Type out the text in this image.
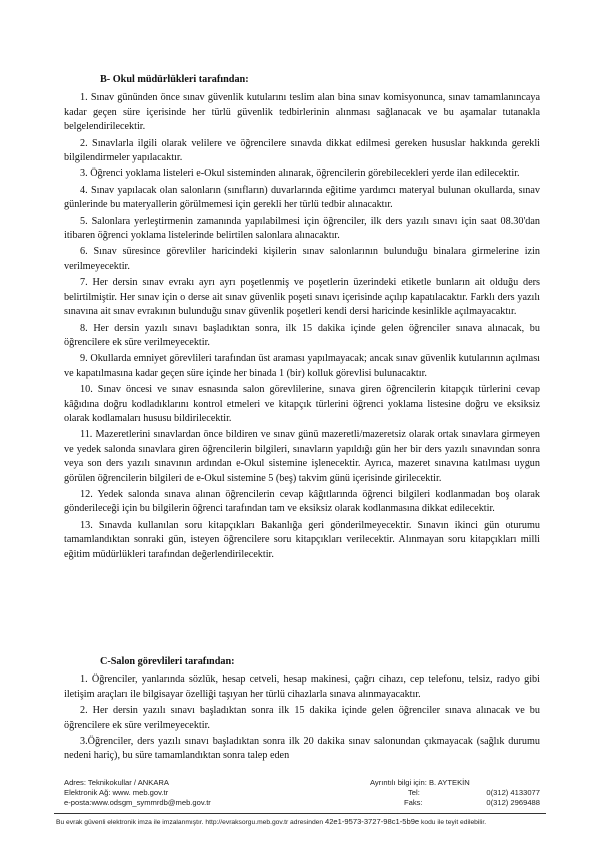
B- Okul müdürlükleri tarafından:

1. Sınav gününden önce sınav güvenlik kutularını teslim alan bina sınav komisyonunca, sınav tamamlanıncaya kadar geçen süre içerisinde her türlü güvenlik tedbirlerinin alınması sağlanacak ve bu aşamalar tutanakla belgelendirilecektir.

2. Sınavlarla ilgili olarak velilere ve öğrencilere sınavda dikkat edilmesi gereken hususlar hakkında gerekli bilgilendirmeler yapılacaktır.

3. Öğrenci yoklama listeleri e-Okul sisteminden alınarak, öğrencilerin görebilecekleri yerde ilan edilecektir.

4. Sınav yapılacak olan salonların (sınıfların) duvarlarında eğitime yardımcı materyal bulunan okullarda, sınav günlerinde bu materyallerin görülmemesi için gerekli her türlü tedbir alınacaktır.

5. Salonlara yerleştirmenin zamanında yapılabilmesi için öğrenciler, ilk ders yazılı sınavı için saat 08.30'dan itibaren öğrenci yoklama listelerinde belirtilen salonlara alınacaktır.

6. Sınav süresince görevliler haricindeki kişilerin sınav salonlarının bulunduğu binalara girmelerine izin verilmeyecektir.

7. Her dersin sınav evrakı ayrı ayrı poşetlenmiş ve poşetlerin üzerindeki etiketle bunların ait olduğu ders belirtilmiştir. Her sınav için o derse ait sınav güvenlik poşeti sınavı içerisinde açılıp kapatılacaktır. Farklı ders yazılı sınavına ait sınav evrakının bulunduğu sınav güvenlik poşetleri kendi dersi haricinde kesinlikle açılmayacaktır.

8. Her dersin yazılı sınavı başladıktan sonra, ilk 15 dakika içinde gelen öğrenciler sınava alınacak, bu öğrencilere ek süre verilmeyecektir.

9. Okullarda emniyet görevlileri tarafından üst araması yapılmayacak; ancak sınav güvenlik kutularının açılması ve kapatılmasına kadar geçen süre içinde her binada 1 (bir) kolluk görevlisi bulunacaktır.

10. Sınav öncesi ve sınav esnasında salon görevlilerine, sınava giren öğrencilerin kitapçık türlerini cevap kâğıdına doğru kodladıklarını kontrol etmeleri ve kitapçık türlerini öğrenci yoklama listesine doğru ve eksiksiz olarak kodlamaları hususu bildirilecektir.

11. Mazeretlerini sınavlardan önce bildiren ve sınav günü mazeretli/mazeretsiz olarak ortak sınavlara girmeyen ve yedek salonda sınavlara giren öğrencilerin bilgileri, sınavların yapıldığı gün her bir ders yazılı sınavından sonra veya son ders yazılı sınavının ardından e-Okul sistemine işlenecektir. Ayrıca, mazeret sınavına katılması uygun görülen öğrencilerin bilgileri de e-Okul sistemine 5 (beş) takvim günü içerisinde girilecektir.

12. Yedek salonda sınava alınan öğrencilerin cevap kâğıtlarında öğrenci bilgileri kodlanmadan boş olarak gönderileceği için bu bilgilerin öğrenci tarafından tam ve eksiksiz olarak kodlanmasına dikkat edilecektir.

13. Sınavda kullanılan soru kitapçıkları Bakanlığa geri gönderilmeyecektir. Sınavın ikinci gün oturumu tamamlandıktan sonraki gün, isteyen öğrencilere soru kitapçıkları verilecektir. Alınmayan soru kitapçıkları milli eğitim müdürlükleri tarafından değerlendirilecektir.

C-Salon görevlileri tarafından:

1. Öğrenciler, yanlarında sözlük, hesap cetveli, hesap makinesi, çağrı cihazı, cep telefonu, telsiz, radyo gibi iletişim araçları ile bilgisayar özelliği taşıyan her türlü cihazlarla sınava alınmayacaktır.

2. Her dersin yazılı sınavı başladıktan sonra ilk 15 dakika içinde gelen öğrenciler sınava alınacak ve bu öğrencilere ek süre verilmeyecektir.

3.Öğrenciler, ders yazılı sınavı başladıktan sonra ilk 20 dakika sınav salonundan çıkmayacak (sağlık durumu nedeni hariç), bu süre tamamlandıktan sonra talep eden

Adres: Teknikokullar / ANKARA
Elektronik Ağ: www. meb.gov.tr
e-posta:www.odsgm_symmrdb@meb.gov.tr
Ayrıntılı bilgi için: B. AYTEKİN
Tel:	0(312) 4133077
Faks:	0(312) 2969488
Bu evrak güvenli elektronik imza ile imzalanmıştır. http://evraksorgu.meb.gov.tr adresinden 42e1-9573-3727-98c1-5b9e kodu ile teyit edilebilir.
